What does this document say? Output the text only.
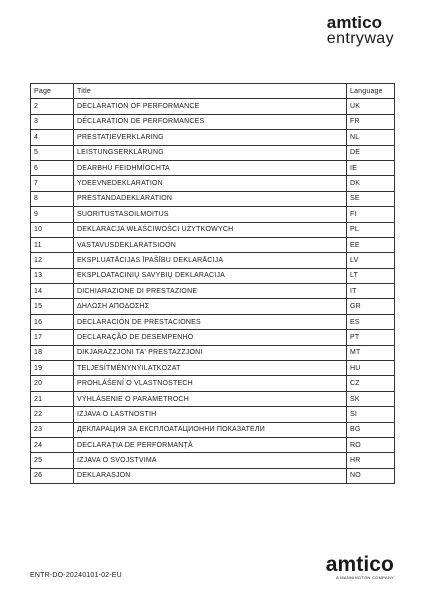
amtico
entryway
Page	Title	Language
2	DECLARATION OF PERFORMANCE	UK
3	DÉCLARATION DE PERFORMANCES	FR
4	PRESTATIEVERKLARING	NL
5	LEISTUNGSERKLÄRUNG	DE
6	DEARBHÚ FEIDHMÍOCHTA	IE
7	YDEEVNEDEKLARATION	DK
8	PRESTANDADEKLARATION	SE
9	SUORITUSTASOILMOITUS	FI
10	DEKLARACJA WŁAŚCIWOŚCI UŻYTKOWYCH	PL
11	VASTAVUSDEKLARATSIOON	EE
12	EKSPLUATĀCIJAS ĪPAŠĪBU DEKLARĀCIJA	LV
13	EKSPLOATACINIŲ SAVYBIŲ DEKLARACIJA	LT
14	DICHIARAZIONE DI PRESTAZIONE	IT
15	ΔΗΛΩΣΗ ΑΠΟΔΟΣΗΣ	GR
16	DECLARACIÓN DE PRESTACIONES	ES
17	DECLARAÇÃO DE DESEMPENHO	PT
18	DIKJARAZZJONI TA' PRESTAZZJONI	MT
19	TELJESÍTMÉNYNYILATKOZAT	HU
20	PROHLÁŠENÍ O VLASTNOSTECH	CZ
21	VYHLÁSENIE O PARAMETROCH	SK
22	IZJAVA O LASTNOSTIH	SI
23	ДЕКЛАРАЦИЯ ЗА ЕКСПЛОАТАЦИОННИ ПОКАЗАТЕЛИ	BG
24	DECLARAȚIA DE PERFORMANȚĂ	RO
25	IZJAVA O SVOJSTVIMA	HR
26	DEKLARASJON	NO
ENTR-DO-20240101-02-EU	amtico
A MANNINGTON COMPANY
